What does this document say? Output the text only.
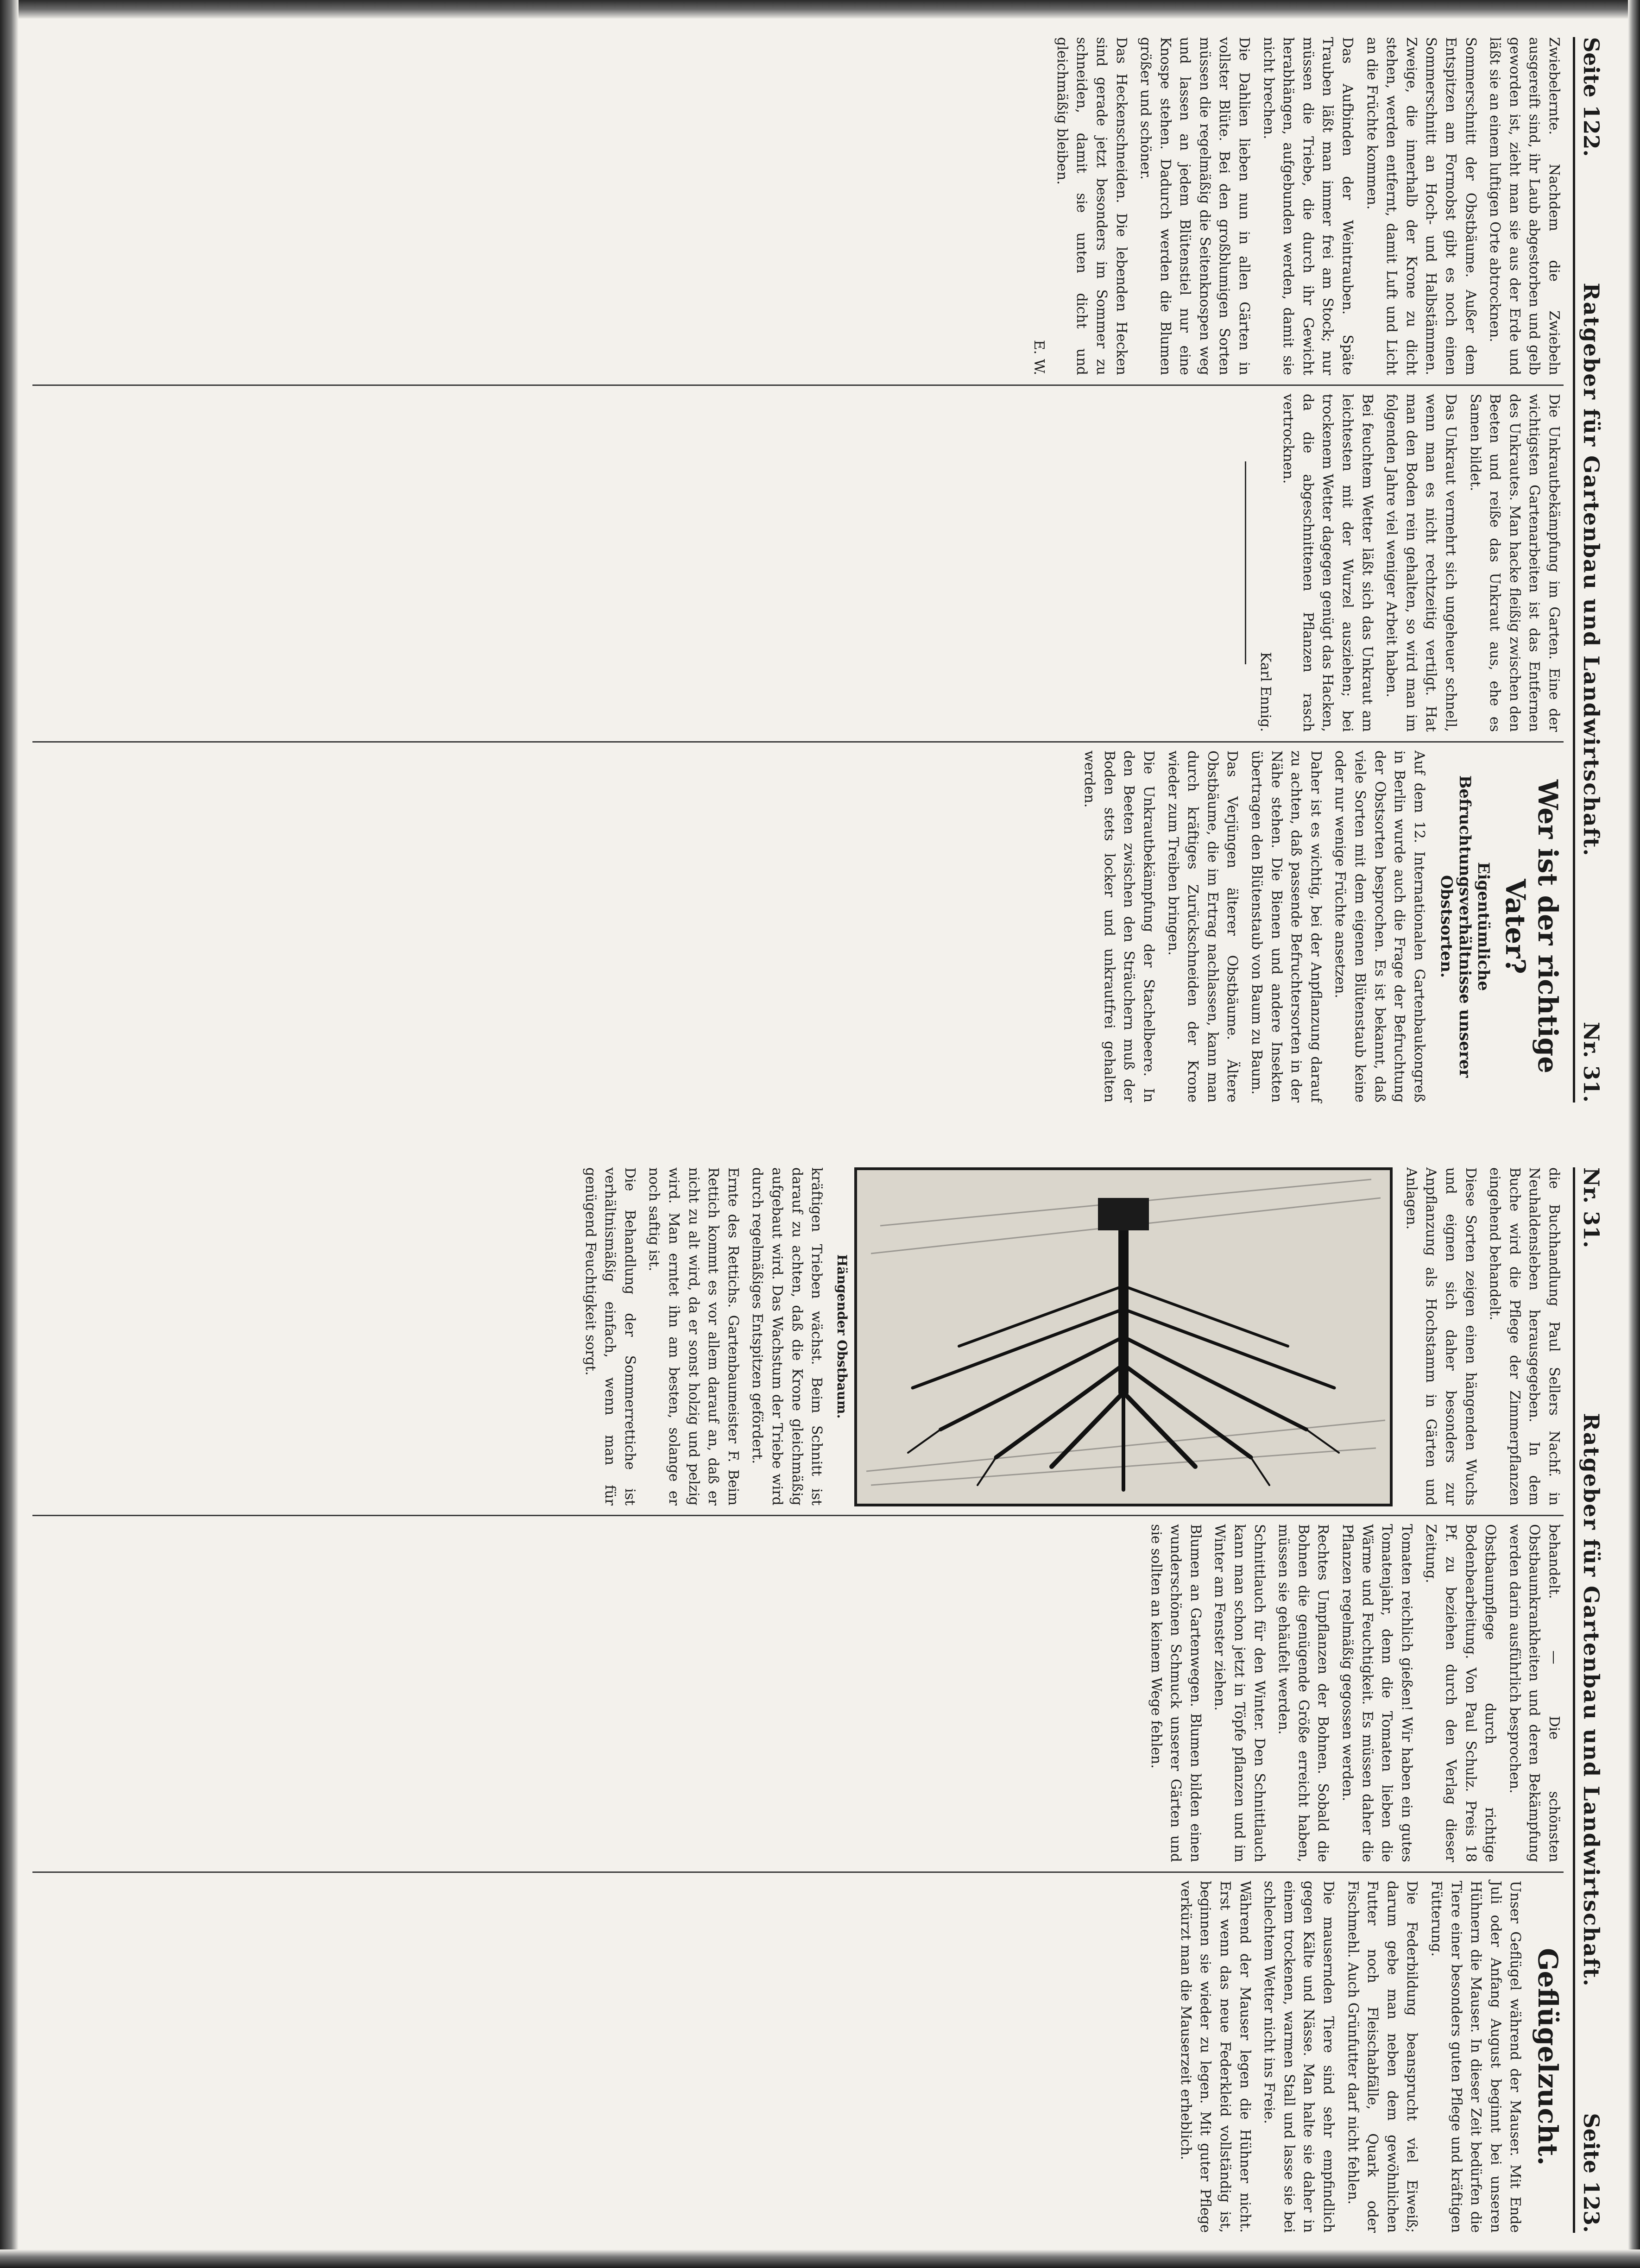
Seite 122.
Ratgeber für Gartenbau und Landwirtschaft.
Nr. 31.

Zwiebelernte. Nachdem die Zwiebeln ausgereift sind, ihr Laub abgestorben und gelb geworden ist, zieht man sie aus der Erde und läßt sie an einem luftigen Orte abtrocknen.

Sommerschnitt der Obstbäume. Außer dem Entspitzen am Formobst gibt es noch einen Sommerschnitt an Hoch- und Halbstämmen. Zweige, die innerhalb der Krone zu dicht stehen, werden entfernt, damit Luft und Licht an die Früchte kommen.

Das Aufbinden der Weintrauben. Späte Trauben läßt man immer frei am Stock; nur müssen die Triebe, die durch ihr Gewicht herabhängen, aufgebunden werden, damit sie nicht brechen.

Die Dahlien lieben nun in allen Gärten in vollster Blüte. Bei den großblumigen Sorten müssen die regelmäßig die Seitenknospen weg und lassen an jedem Blütenstiel nur eine Knospe stehen. Dadurch werden die Blumen größer und schöner.

Das Heckenschneiden. Die lebenden Hecken sind gerade jetzt besonders im Sommer zu schneiden, damit sie unten dicht und gleichmäßig bleiben.

E. W.

Die Unkrautbekämpfung im Garten. Eine der wichtigsten Gartenarbeiten ist das Entfernen des Unkrautes. Man hacke fleißig zwischen den Beeten und reiße das Unkraut aus, ehe es Samen bildet.

Das Unkraut vermehrt sich ungeheuer schnell, wenn man es nicht rechtzeitig vertilgt. Hat man den Boden rein gehalten, so wird man im folgenden Jahre viel weniger Arbeit haben.

Bei feuchtem Wetter läßt sich das Unkraut am leichtesten mit der Wurzel ausziehen; bei trockenem Wetter dagegen genügt das Hacken, da die abgeschnittenen Pflanzen rasch vertrocknen.

Karl Ennig.
Wer ist der richtige Vater?
Eigentümliche Befruchtungsverhältnisse unserer Obstsorten.

Auf dem 12. Internationalen Gartenbaukongreß in Berlin wurde auch die Frage der Befruchtung der Obstsorten besprochen. Es ist bekannt, daß viele Sorten mit dem eigenen Blütenstaub keine oder nur wenige Früchte ansetzen.

Daher ist es wichtig, bei der Anpflanzung darauf zu achten, daß passende Befruchtersorten in der Nähe stehen. Die Bienen und andere Insekten übertragen den Blütenstaub von Baum zu Baum.

Das Verjüngen älterer Obstbäume. Ältere Obstbäume, die im Ertrag nachlassen, kann man durch kräftiges Zurückschneiden der Krone wieder zum Treiben bringen.

Die Unkrautbekämpfung der Stachelbeere. In den Beeten zwischen den Sträuchern muß der Boden stets locker und unkrautfrei gehalten werden.

Nr. 31.
Ratgeber für Gartenbau und Landwirtschaft.
Seite 123.

die Buchhandlung Paul Sellers Nachf. in Neuhaldensleben herausgegeben. In dem Buche wird die Pflege der Zimmerpflanzen eingehend behandelt.

Diese Sorten zeigen einen hängenden Wuchs und eignen sich daher besonders zur Anpflanzung als Hochstamm in Gärten und Anlagen.

Hängender Obstbaum.

kräftigen Trieben wächst. Beim Schnitt ist darauf zu achten, daß die Krone gleichmäßig aufgebaut wird. Das Wachstum der Triebe wird durch regelmäßiges Entspitzen gefördert.

Ernte des Rettichs. Gartenbaumeister F. Beim Rettich kommt es vor allem darauf an, daß er nicht zu alt wird, da er sonst holzig und pelzig wird. Man erntet ihn am besten, solange er noch saftig ist.

Die Behandlung der Sommerrettiche ist verhältnismäßig einfach, wenn man für genügend Feuchtigkeit sorgt.

behandelt. — Die schönsten Obstbaumkrankheiten und deren Bekämpfung werden darin ausführlich besprochen.

Obstbaumpflege durch richtige Bodenbearbeitung. Von Paul Schulz. Preis 18 Pf. zu beziehen durch den Verlag dieser Zeitung.

Tomaten reichlich gießen! Wir haben ein gutes Tomatenjahr, denn die Tomaten lieben die Wärme und Feuchtigkeit. Es müssen daher die Pflanzen regelmäßig gegossen werden.

Rechtes Umpflanzen der Bohnen. Sobald die Bohnen die genügende Größe erreicht haben, müssen sie gehäufelt werden.

Schnittlauch für den Winter. Den Schnittlauch kann man schon jetzt in Töpfe pflanzen und im Winter am Fenster ziehen.

Blumen an Gartenwegen. Blumen bilden einen wunderschönen Schmuck unserer Gärten und sie sollten an keinem Wege fehlen.

Geflügelzucht.

Unser Geflügel während der Mauser. Mit Ende Juli oder Anfang August beginnt bei unseren Hühnern die Mauser. In dieser Zeit bedürfen die Tiere einer besonders guten Pflege und kräftigen Fütterung.

Die Federbildung beansprucht viel Eiweiß; darum gebe man neben dem gewöhnlichen Futter noch Fleischabfälle, Quark oder Fischmehl. Auch Grünfutter darf nicht fehlen.

Die mausernden Tiere sind sehr empfindlich gegen Kälte und Nässe. Man halte sie daher in einem trockenen, warmen Stall und lasse sie bei schlechtem Wetter nicht ins Freie.

Während der Mauser legen die Hühner nicht. Erst wenn das neue Federkleid vollständig ist, beginnen sie wieder zu legen. Mit guter Pflege verkürzt man die Mauserzeit erheblich.
